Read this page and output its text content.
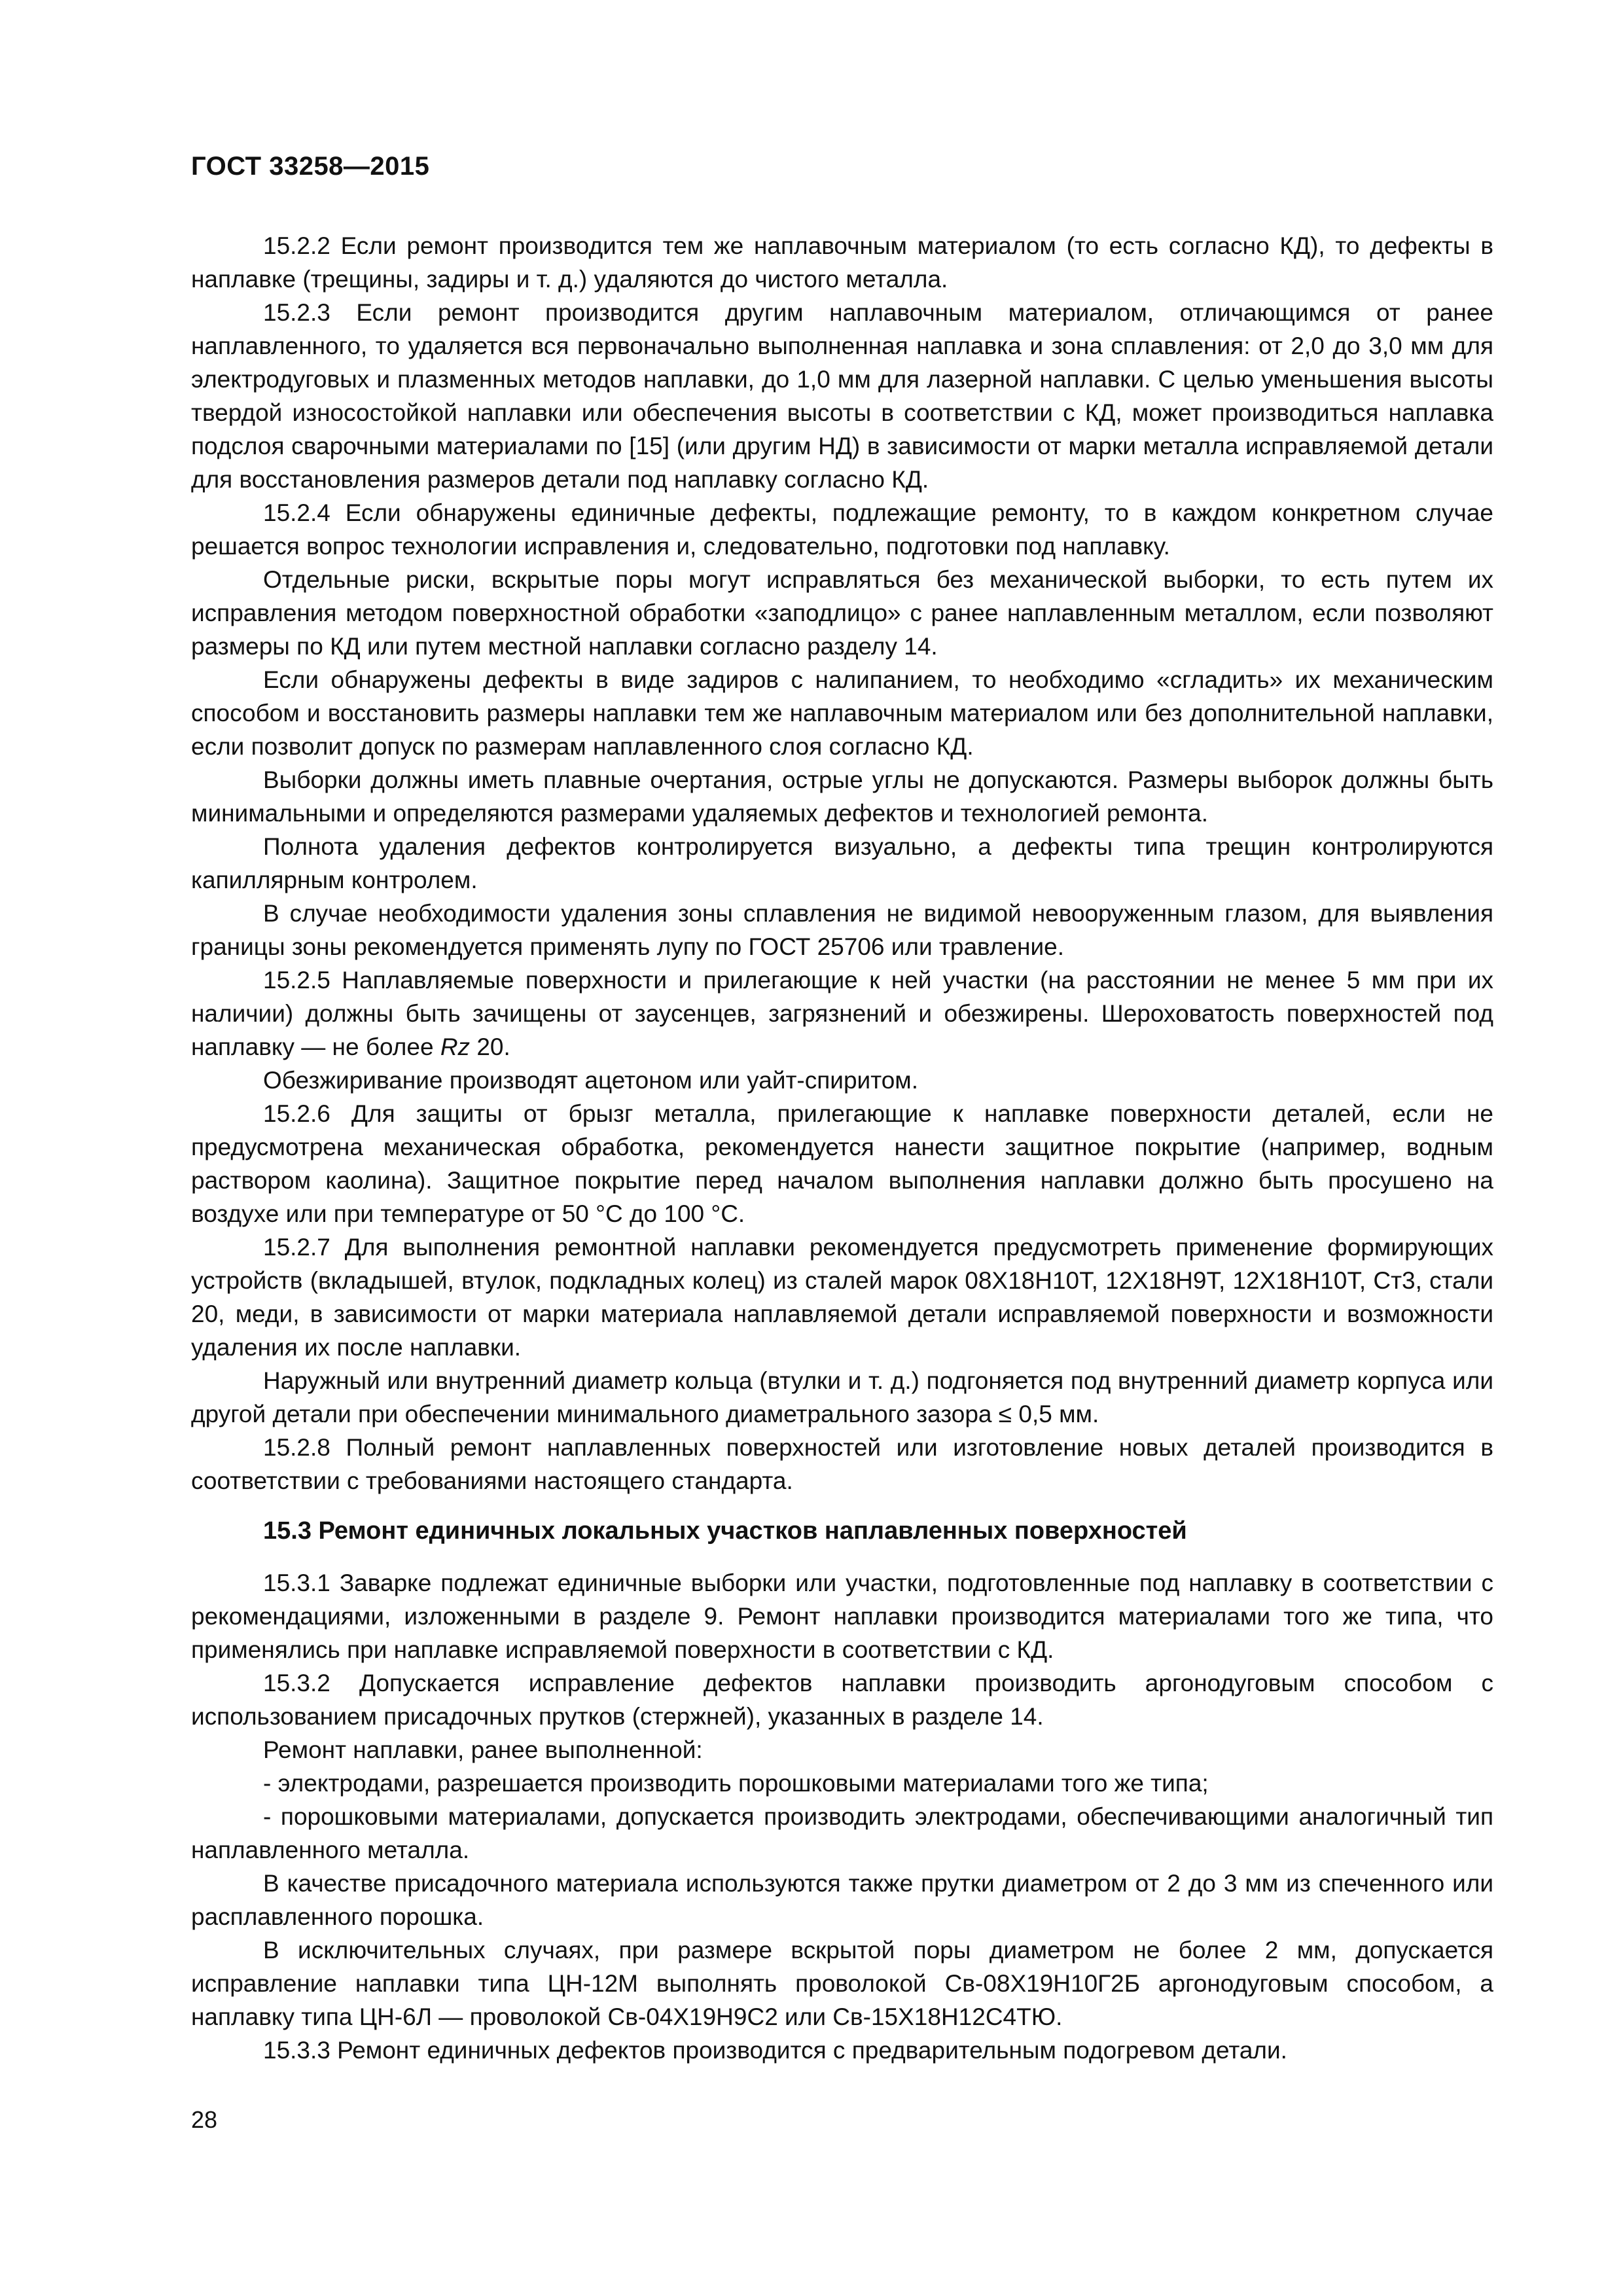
ГОСТ 33258—2015

15.2.2 Если ремонт производится тем же наплавочным материалом (то есть согласно КД), то дефекты в наплавке (трещины, задиры и т. д.) удаляются до чистого металла.

15.2.3 Если ремонт производится другим наплавочным материалом, отличающимся от ранее наплавленного, то удаляется вся первоначально выполненная наплавка и зона сплавления: от 2,0 до 3,0 мм для электродуговых и плазменных методов наплавки, до 1,0 мм для лазерной наплавки. С целью уменьшения высоты твердой износостойкой наплавки или обеспечения высоты в соответствии с КД, может производиться наплавка подслоя сварочными материалами по [15] (или другим НД) в зависимости от марки металла исправляемой детали для восстановления размеров детали под наплавку согласно КД.

15.2.4 Если обнаружены единичные дефекты, подлежащие ремонту, то в каждом конкретном случае решается вопрос технологии исправления и, следовательно, подготовки под наплавку.

Отдельные риски, вскрытые поры могут исправляться без механической выборки, то есть путем их исправления методом поверхностной обработки «заподлицо» с ранее наплавленным металлом, если позволяют размеры по КД или путем местной наплавки согласно разделу 14.

Если обнаружены дефекты в виде задиров с налипанием, то необходимо «сгладить» их механическим способом и восстановить размеры наплавки тем же наплавочным материалом или без дополнительной наплавки, если позволит допуск по размерам наплавленного слоя согласно КД.

Выборки должны иметь плавные очертания, острые углы не допускаются. Размеры выборок должны быть минимальными и определяются размерами удаляемых дефектов и технологией ремонта.

Полнота удаления дефектов контролируется визуально, а дефекты типа трещин контролируются капиллярным контролем.

В случае необходимости удаления зоны сплавления не видимой невооруженным глазом, для выявления границы зоны рекомендуется применять лупу по ГОСТ 25706 или травление.

15.2.5 Наплавляемые поверхности и прилегающие к ней участки (на расстоянии не менее 5 мм при их наличии) должны быть зачищены от заусенцев, загрязнений и обезжирены. Шероховатость поверхностей под наплавку — не более Rz 20.

Обезжиривание производят ацетоном или уайт-спиритом.

15.2.6 Для защиты от брызг металла, прилегающие к наплавке поверхности деталей, если не предусмотрена механическая обработка, рекомендуется нанести защитное покрытие (например, водным раствором каолина). Защитное покрытие перед началом выполнения наплавки должно быть просушено на воздухе или при температуре от 50 °С до 100 °С.

15.2.7 Для выполнения ремонтной наплавки рекомендуется предусмотреть применение формирующих устройств (вкладышей, втулок, подкладных колец) из сталей марок 08Х18Н10Т, 12Х18Н9Т, 12Х18Н10Т, Ст3, стали 20, меди, в зависимости от марки материала наплавляемой детали исправляемой поверхности и возможности удаления их после наплавки.

Наружный или внутренний диаметр кольца (втулки и т. д.) подгоняется под внутренний диаметр корпуса или другой детали при обеспечении минимального диаметрального зазора ≤ 0,5 мм.

15.2.8 Полный ремонт наплавленных поверхностей или изготовление новых деталей производится в соответствии с требованиями настоящего стандарта.

15.3 Ремонт единичных локальных участков наплавленных поверхностей

15.3.1 Заварке подлежат единичные выборки или участки, подготовленные под наплавку в соответствии с рекомендациями, изложенными в разделе 9. Ремонт наплавки производится материалами того же типа, что применялись при наплавке исправляемой поверхности в соответствии с КД.

15.3.2 Допускается исправление дефектов наплавки производить аргонодуговым способом с использованием присадочных прутков (стержней), указанных в разделе 14.

Ремонт наплавки, ранее выполненной:

- электродами, разрешается производить порошковыми материалами того же типа;

- порошковыми материалами, допускается производить электродами, обеспечивающими аналогичный тип наплавленного металла.

В качестве присадочного материала используются также прутки диаметром от 2 до 3 мм из спеченного или расплавленного порошка.

В исключительных случаях, при размере вскрытой поры диаметром не более 2 мм, допускается исправление наплавки типа ЦН-12М выполнять проволокой Св-08Х19Н10Г2Б аргонодуговым способом, а наплавку типа ЦН-6Л — проволокой Св-04Х19Н9С2 или Св-15Х18Н12С4ТЮ.

15.3.3 Ремонт единичных дефектов производится с предварительным подогревом детали.

28
